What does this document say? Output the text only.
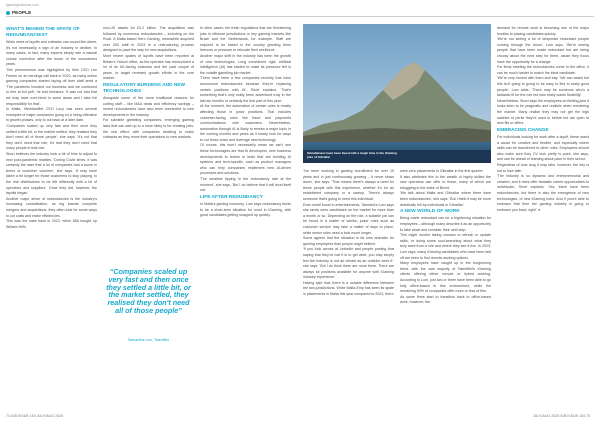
igamingbusiness.com
PEOPLE
WHAT'S BEHIND THE SPATE OF REDUNDANCIES?

While news of layoffs and cutbacks can sound like alarm, it's not necessarily a sign of an industry in decline. In many cases, in fact, many experts simply see a natural course correction after the boom of the coronavirus years.

This phenomenon was highlighted by Betr CEO Lee Fenton on an earnings call back in 2022, as many online gaming companies started laying off their staff amid a 'The pandemic boosted our business and we continued to hire at full pelt', he told investors. 'It was not bad that we may have over-hired in some areas and I take full responsibility for that'.

In Malta, MeridianBet CEO Lucy has seen several examples of major companies going on a hiring offensive in growth phases, only to cut back at a later date.

'Companies scaled up very fast and then once they settled a little bit, or the market settled, they realised they don't need all of those people', she says. 'It's not that they don't need that role, it's that they don't need that many people in that role.

Short believes the industry took a bit of time to adjust to new post-pandemic realities. 'During Covid times, it was certainly the case that a lot of companies had a boom in terms of customer volumes', she says. 'It may have taken a bit longer for those customers to stop playing, to the real distributions to be felt differently with a lot of operators and suppliers'. Once they did, however, the layoffs began.

Another major driver of redundancies is the industry's increasing consolidation, as big brands complete mergers and acquisitions, they often look for some ways to cut costs and make efficiencies.

This was the case back in 2022, when 888 bought up William Hill's

non-US assets for £2.2 billion. The acquisition was followed by numerous redundancies – including on the Rock. A Malta-based Hero Gaming, meanwhile acquired over 250 staff in 2023 in a restructuring process designed to pave the way for new acquisitions.

More recent spates of layoffs have been reported at Britain's Yahoo! office, as the operator has restructured a lot of its UK-facing business and the past couple of years, to target renewed growth efforts in the core market.

REGULATORY BURDENS AND NEW TECHNOLOGIES

Alongside some of the more traditional reasons for cutting staff – like M&A deals and efficiency savings – recent redundancies have also been connected to new developments in the industry.

For sizeable gambling companies, emerging gaming laws that can add up to a more likely to be creating jobs, the real effect, with companies deciding to make cutbacks as they move their operations to new markets.

“Companies scaled up very fast and then once they settled a little bit, or the market settled, they realised they don't need all of those people”
Samantha Lum, TalentBet

In other cases, the fresh regulations that are threatening jobs in offshore jurisdictions or key gaming markets like Brazil and the Netherlands, for example. Staff are required to be based in the country granting them licences or pressure to relocate their workforce.

Another major shift in the industry has been the growth of new technologies. Long considered rigid, artificial intelligence (AI) has started to make its presence felt in the volatile gambling job market.

'There have been a few companies recently that have announced redundancies because they're replacing certain positions with AI', Short explains. 'That's something that's only really been advertised truly in the last six months or certainly the first part of this year'.

At the moment, the automation of certain roles is mostly affecting those in junior positions. That includes customer-facing roles like fraud and payments communications with customers. Nevertheless, automation through AI is likely to remain a major topic in the coming months and years as it slowly look for ways to cut those costs and leverage new technology.

Of course, this won't necessarily mean we can't see these technologies are that AI developers, new business developments to teams to tests that are building AI systems and tech-specific, such as product managers who can help companies implement new AI-driven processes and solutions.

'The smallest tipping in the redundancy rate at the moment', she says. 'But I do believe that it will level itself out'.

LIFE AFTER REDUNDANCY

In Malta's gaming economy, Lum says redundancy tends to be a short-term situation for most in iGaming, with good candidates getting snapped up quickly.

Gibraltarians have been faced with a tough time in the iGaming jobs of Gibraltar

'I've been working in gaming recruitment for over 15 years and in just continuously growing – it never slows down', she says. 'That means there's always a need for these people with this experience, whether it's for an established company or a startup. There's always someone that's going to need this individual'.

Even small boost in entertainments, Talented's Lum says she rarely sees candidates on the market for more than a month or so. Depending on the role, a suitable job can be found in a matter of weeks; junior roles such as customer service may take a matter of days to place, while senior roles need a look much longer.

Some agrees that the situation is far less dramatic for gaming employees than people might believe.

'If you look across at LinkedIn and people posting that saying that they've lost it is to get wide, you may simply feel the industry is not as vibrant as an outsider sees it', she says. 'But I do think there are more there. There are always lot positions available for anyone with iGaming industry experience'.

Having said that, there is a notable difference between the two jurisdictions. While Malta-Emp has seen its spate in placements in Malta this year compared to 2023, there

were zero placements in Gibraltar in the first quarter.

It also attributes this to the wealth of highly skilled the new operators can offer to these, many of which are struggling in the wake of Brexit.

'We talk about Malta and Gibraltar where there have been redundancies', she says. 'But I think it may be more drastically felt by individuals in Gibraltar'.

A NEW WORLD OF WORK

Being made redundant can be a frightening situation for employees – although many describe it as an opportunity to take stock and consider their next step.

This might involve taking courses to refresh or update skills, or doing some soul-searching about what they truly want from a role and where they see it live. In 2023, Lum says, many iGaming candidates who have been laid off are keen to find remote-working options.

Many employees have caught up in the burgeoning trend, with the vast majority of TalentBet's iGaming clients offering either remote or hybrid working. According to Lum, just two or three have been able to go fully office-based in this environment, while the remaining 90% of companies offer more or less of this.

As some firms start to transition back to office-based work, however, the

demand for remote work is becoming one of the major hurdles to placing candidates quickly.

'We're not seeing a lot of desperate redundant people coming through the doors', Lum says. 'We're seeing people that have been made redundant but are being choosy about the next step for them, cause they focus have the opportunity for a change.

For firms meeting the redundancies come to the office, it can be much harder to match the ideal candidate.

'We're very honest with them and say: 'We can assist but this isn't going to going to be easy to find to really good people'. Lum adds. 'There may be someone who's a fantastic fit for the role but who really wants flexibility'.

Nevertheless, Short says the employees on Betting jobs it looks keen to be pragmatic and realistic when reentering the market. Many realise they may not get the high salaries or perks they're used to before but are open to new fits or offers.

EMBRACING CHANGE

For individuals looking for work after a layoff, these stand a cause for creative and flexible, and especially where skills can be transferred to other roles. Employees should also make sure they CV look pretty is point, she says, and can be ahead of learning about pace in their sector.

Regardless of how long it may take, however, the key is not to lose faith.

'The industry is so dynamic and entrepreneurial and creative, and it does offer fantastic career opportunities to individuals', Short explains. 'Yes, there have been redundancies, but there is also the emergence of new technologies, of new iGaming hubs. And if you're able to embrace that then the gaming industry is going to embrace you back, right!' ●

74 iGB ISSUE 154 JULY/AUG 2025	JULY/AUG 2025 iGB ISSUE 154 75
